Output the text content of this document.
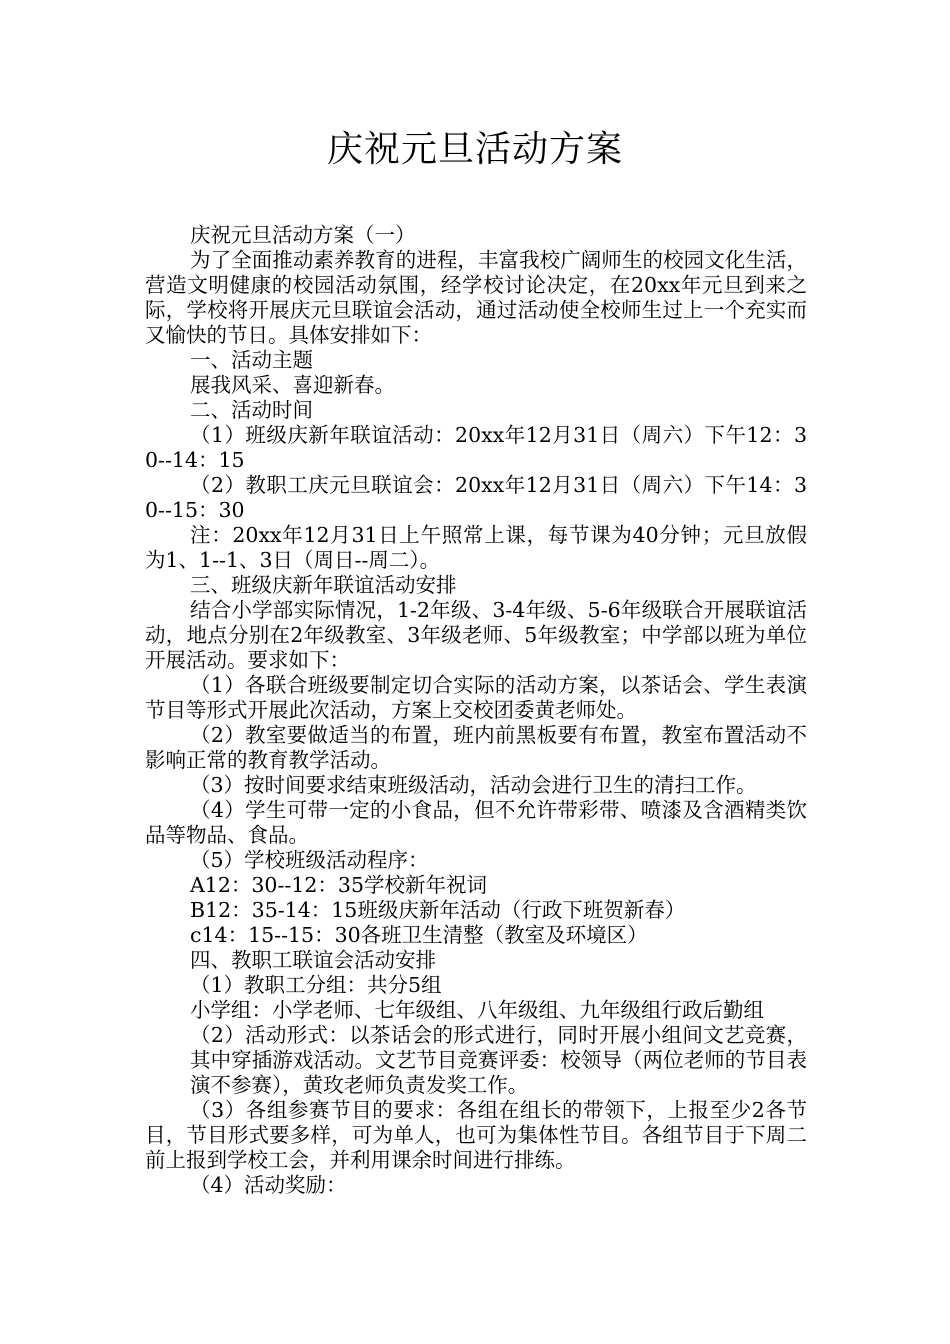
庆祝元旦活动方案

庆祝元旦活动方案（一）

为了全面推动素养教育的进程，丰富我校广阔师生的校园文化生活，营造文明健康的校园活动氛围，经学校讨论决定，在20xx年元旦到来之际，学校将开展庆元旦联谊会活动，通过活动使全校师生过上一个充实而又愉快的节日。具体安排如下：

一、活动主题

展我风采、喜迎新春。

二、活动时间

（1）班级庆新年联谊活动：20xx年12月31日（周六）下午12：30--14：15

（2）教职工庆元旦联谊会：20xx年12月31日（周六）下午14：30--15：30

注：20xx年12月31日上午照常上课，每节课为40分钟；元旦放假为1、1--1、3日（周日--周二）。

三、班级庆新年联谊活动安排

结合小学部实际情况，1-2年级、3-4年级、5-6年级联合开展联谊活动，地点分别在2年级教室、3年级老师、5年级教室；中学部以班为单位开展活动。要求如下：

（1）各联合班级要制定切合实际的活动方案，以茶话会、学生表演节目等形式开展此次活动，方案上交校团委黄老师处。

（2）教室要做适当的布置，班内前黑板要有布置，教室布置活动不影响正常的教育教学活动。

（3）按时间要求结束班级活动，活动会进行卫生的清扫工作。

（4）学生可带一定的小食品，但不允许带彩带、喷漆及含酒精类饮品等物品、食品。

（5）学校班级活动程序：

A12：30--12：35学校新年祝词

B12：35-14：15班级庆新年活动（行政下班贺新春）

c14：15--15：30各班卫生清整（教室及环境区）

四、教职工联谊会活动安排

（1）教职工分组：共分5组

小学组：小学老师、七年级组、八年级组、九年级组行政后勤组

（2）活动形式：以茶话会的形式进行，同时开展小组间文艺竞赛，其中穿插游戏活动。文艺节目竞赛评委：校领导（两位老师的节目表演不参赛），黄玫老师负责发奖工作。

（3）各组参赛节目的要求：各组在组长的带领下，上报至少2各节目，节目形式要多样，可为单人，也可为集体性节目。各组节目于下周二前上报到学校工会，并利用课余时间进行排练。

（4）活动奖励：
